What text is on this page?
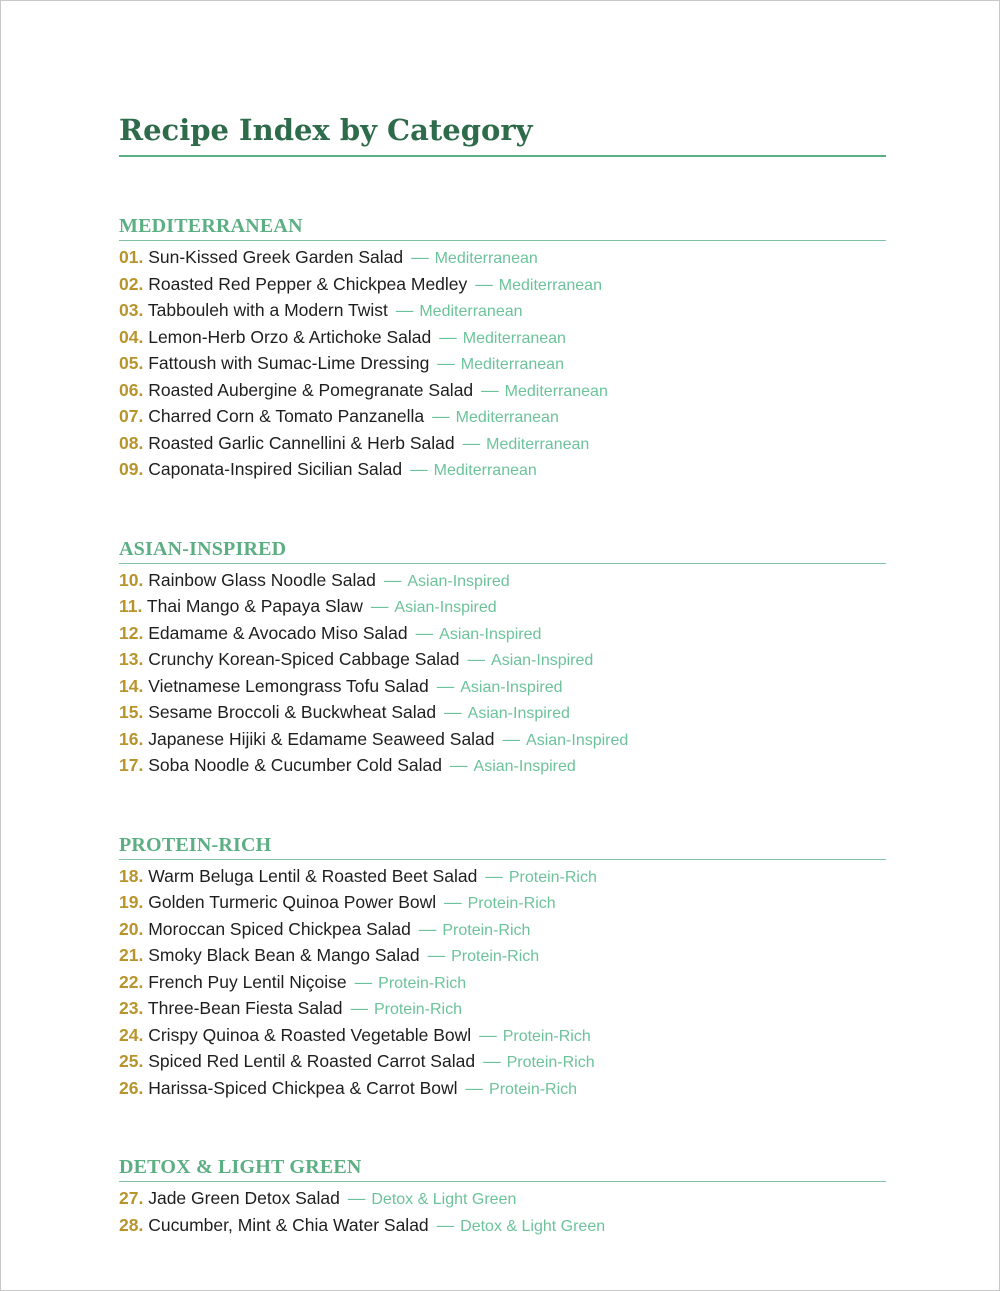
Recipe Index by Category
MEDITERRANEAN
01. Sun-Kissed Greek Garden Salad — Mediterranean
02. Roasted Red Pepper & Chickpea Medley — Mediterranean
03. Tabbouleh with a Modern Twist — Mediterranean
04. Lemon-Herb Orzo & Artichoke Salad — Mediterranean
05. Fattoush with Sumac-Lime Dressing — Mediterranean
06. Roasted Aubergine & Pomegranate Salad — Mediterranean
07. Charred Corn & Tomato Panzanella — Mediterranean
08. Roasted Garlic Cannellini & Herb Salad — Mediterranean
09. Caponata-Inspired Sicilian Salad — Mediterranean
ASIAN-INSPIRED
10. Rainbow Glass Noodle Salad — Asian-Inspired
11. Thai Mango & Papaya Slaw — Asian-Inspired
12. Edamame & Avocado Miso Salad — Asian-Inspired
13. Crunchy Korean-Spiced Cabbage Salad — Asian-Inspired
14. Vietnamese Lemongrass Tofu Salad — Asian-Inspired
15. Sesame Broccoli & Buckwheat Salad — Asian-Inspired
16. Japanese Hijiki & Edamame Seaweed Salad — Asian-Inspired
17. Soba Noodle & Cucumber Cold Salad — Asian-Inspired
PROTEIN-RICH
18. Warm Beluga Lentil & Roasted Beet Salad — Protein-Rich
19. Golden Turmeric Quinoa Power Bowl — Protein-Rich
20. Moroccan Spiced Chickpea Salad — Protein-Rich
21. Smoky Black Bean & Mango Salad — Protein-Rich
22. French Puy Lentil Niçoise — Protein-Rich
23. Three-Bean Fiesta Salad — Protein-Rich
24. Crispy Quinoa & Roasted Vegetable Bowl — Protein-Rich
25. Spiced Red Lentil & Roasted Carrot Salad — Protein-Rich
26. Harissa-Spiced Chickpea & Carrot Bowl — Protein-Rich
DETOX & LIGHT GREEN
27. Jade Green Detox Salad — Detox & Light Green
28. Cucumber, Mint & Chia Water Salad — Detox & Light Green
